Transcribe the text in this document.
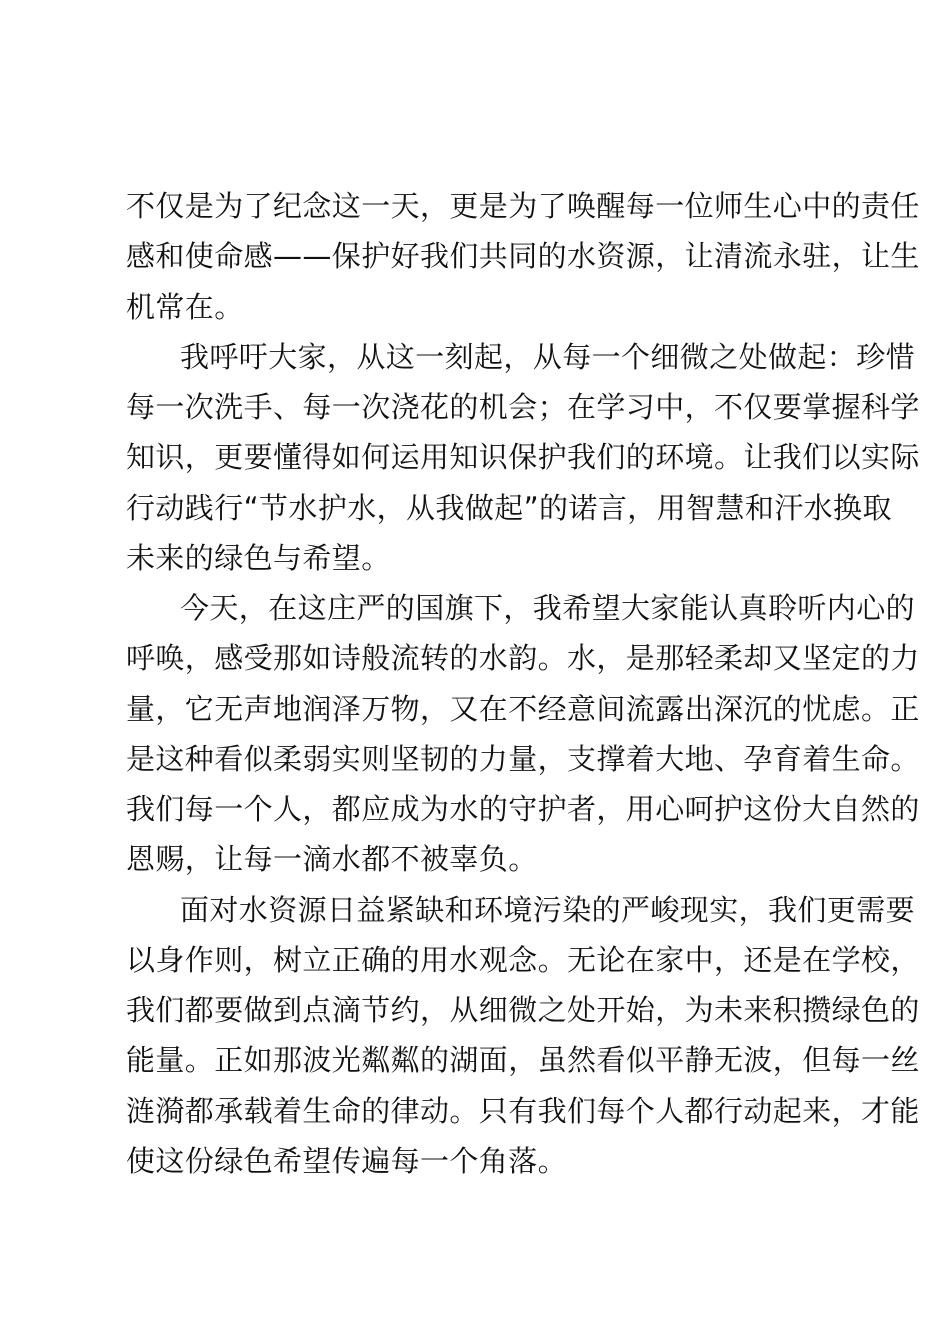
不仅是为了纪念这一天，更是为了唤醒每一位师生心中的责任
感和使命感——保护好我们共同的水资源，让清流永驻，让生
机常在。
我呼吁大家，从这一刻起，从每一个细微之处做起：珍惜
每一次洗手、每一次浇花的机会；在学习中，不仅要掌握科学
知识，更要懂得如何运用知识保护我们的环境。让我们以实际
行动践行“节水护水，从我做起”的诺言，用智慧和汗水换取
未来的绿色与希望。
今天，在这庄严的国旗下，我希望大家能认真聆听内心的
呼唤，感受那如诗般流转的水韵。水，是那轻柔却又坚定的力
量，它无声地润泽万物，又在不经意间流露出深沉的忧虑。正
是这种看似柔弱实则坚韧的力量，支撑着大地、孕育着生命。
我们每一个人，都应成为水的守护者，用心呵护这份大自然的
恩赐，让每一滴水都不被辜负。
面对水资源日益紧缺和环境污染的严峻现实，我们更需要
以身作则，树立正确的用水观念。无论在家中，还是在学校，
我们都要做到点滴节约，从细微之处开始，为未来积攒绿色的
能量。正如那波光粼粼的湖面，虽然看似平静无波，但每一丝
涟漪都承载着生命的律动。只有我们每个人都行动起来，才能
使这份绿色希望传遍每一个角落。
